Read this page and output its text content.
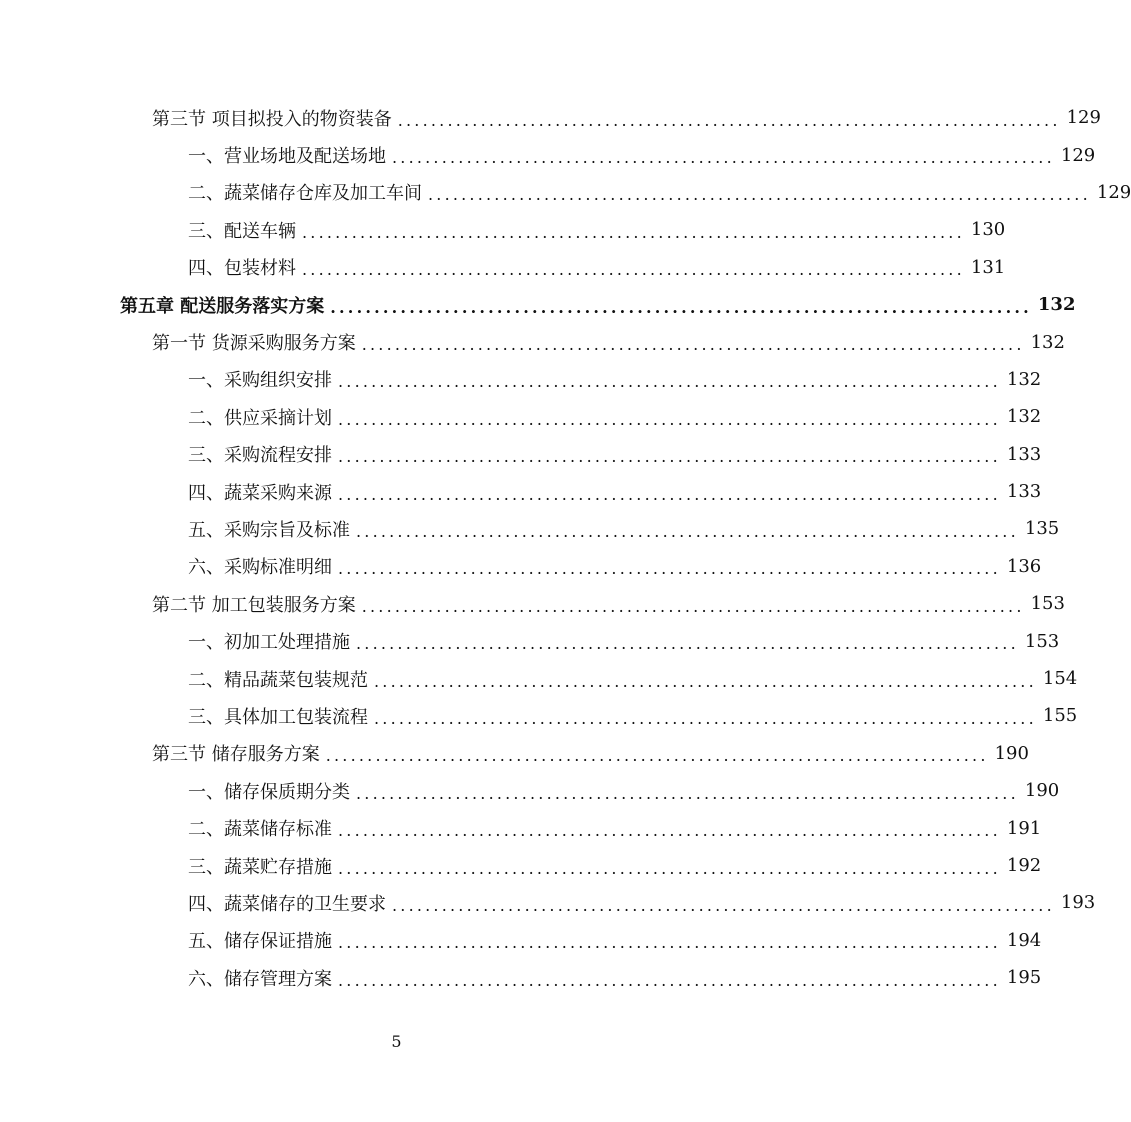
第三节 项目拟投入的物资装备 ................................................................................ 129
一、营业场地及配送场地 ................................................................................ 129
二、蔬菜储存仓库及加工车间 ................................................................................ 129
三、配送车辆 ................................................................................ 130
四、包装材料 ................................................................................ 131
第五章 配送服务落实方案 ................................................................................ 132
第一节 货源采购服务方案 ................................................................................ 132
一、采购组织安排 ................................................................................ 132
二、供应采摘计划 ................................................................................ 132
三、采购流程安排 ................................................................................ 133
四、蔬菜采购来源 ................................................................................ 133
五、采购宗旨及标准 ................................................................................ 135
六、采购标准明细 ................................................................................ 136
第二节 加工包装服务方案 ................................................................................ 153
一、初加工处理措施 ................................................................................ 153
二、精品蔬菜包装规范 ................................................................................ 154
三、具体加工包装流程 ................................................................................ 155
第三节 储存服务方案 ................................................................................ 190
一、储存保质期分类 ................................................................................ 190
二、蔬菜储存标准 ................................................................................ 191
三、蔬菜贮存措施 ................................................................................ 192
四、蔬菜储存的卫生要求 ................................................................................ 193
五、储存保证措施 ................................................................................ 194
六、储存管理方案 ................................................................................ 195
5
